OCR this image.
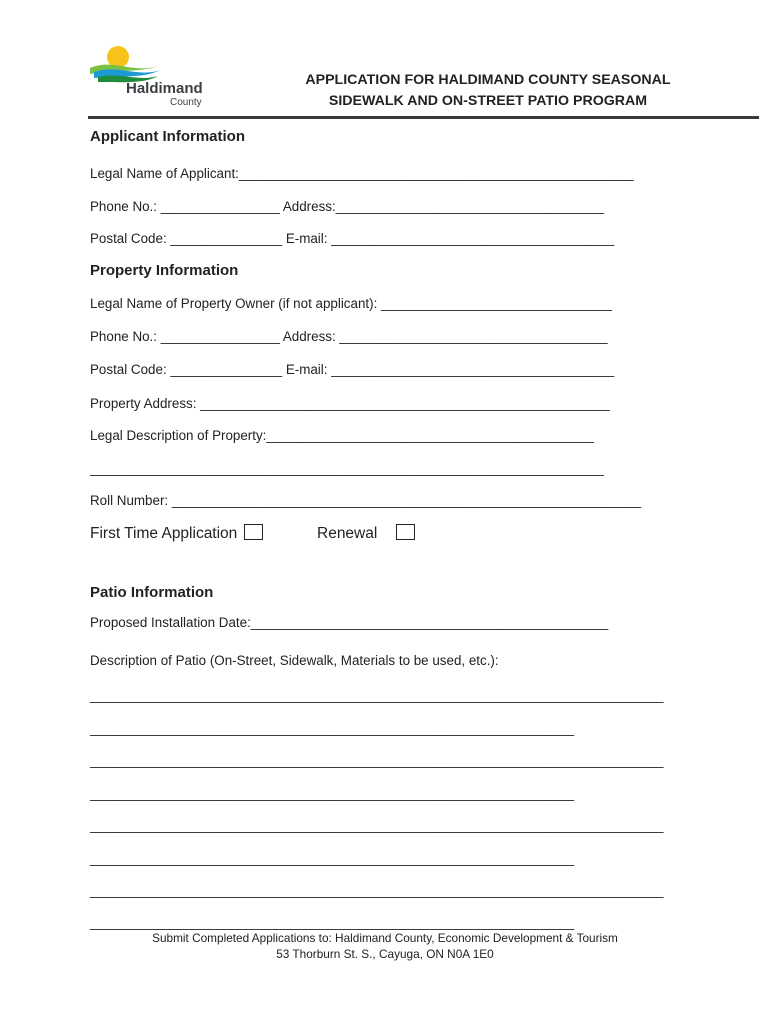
Haldimand
County
APPLICATION FOR HALDIMAND COUNTY SEASONAL
SIDEWALK AND ON-STREET PATIO PROGRAM
Applicant Information
Legal Name of Applicant:_____________________________________________________
Phone No.: ________________ Address:____________________________________
Postal Code: _______________ E-mail: ______________________________________
Property Information
Legal Name of Property Owner (if not applicant): _______________________________
Phone No.: ________________ Address: ____________________________________
Postal Code: _______________ E-mail: ______________________________________
Property Address: _______________________________________________________
Legal Description of Property:____________________________________________
_____________________________________________________________________
Roll Number: _______________________________________________________________
First Time Application	Renewal
Patio Information
Proposed Installation Date:________________________________________________
Description of Patio (On-Street, Sidewalk, Materials to be used, etc.):
_____________________________________________________________________________
_________________________________________________________________
_____________________________________________________________________________
_________________________________________________________________
_____________________________________________________________________________
_________________________________________________________________
_____________________________________________________________________________
_________________________________________________________________
Submit Completed Applications to: Haldimand County, Economic Development & Tourism
53 Thorburn St. S., Cayuga, ON N0A 1E0
